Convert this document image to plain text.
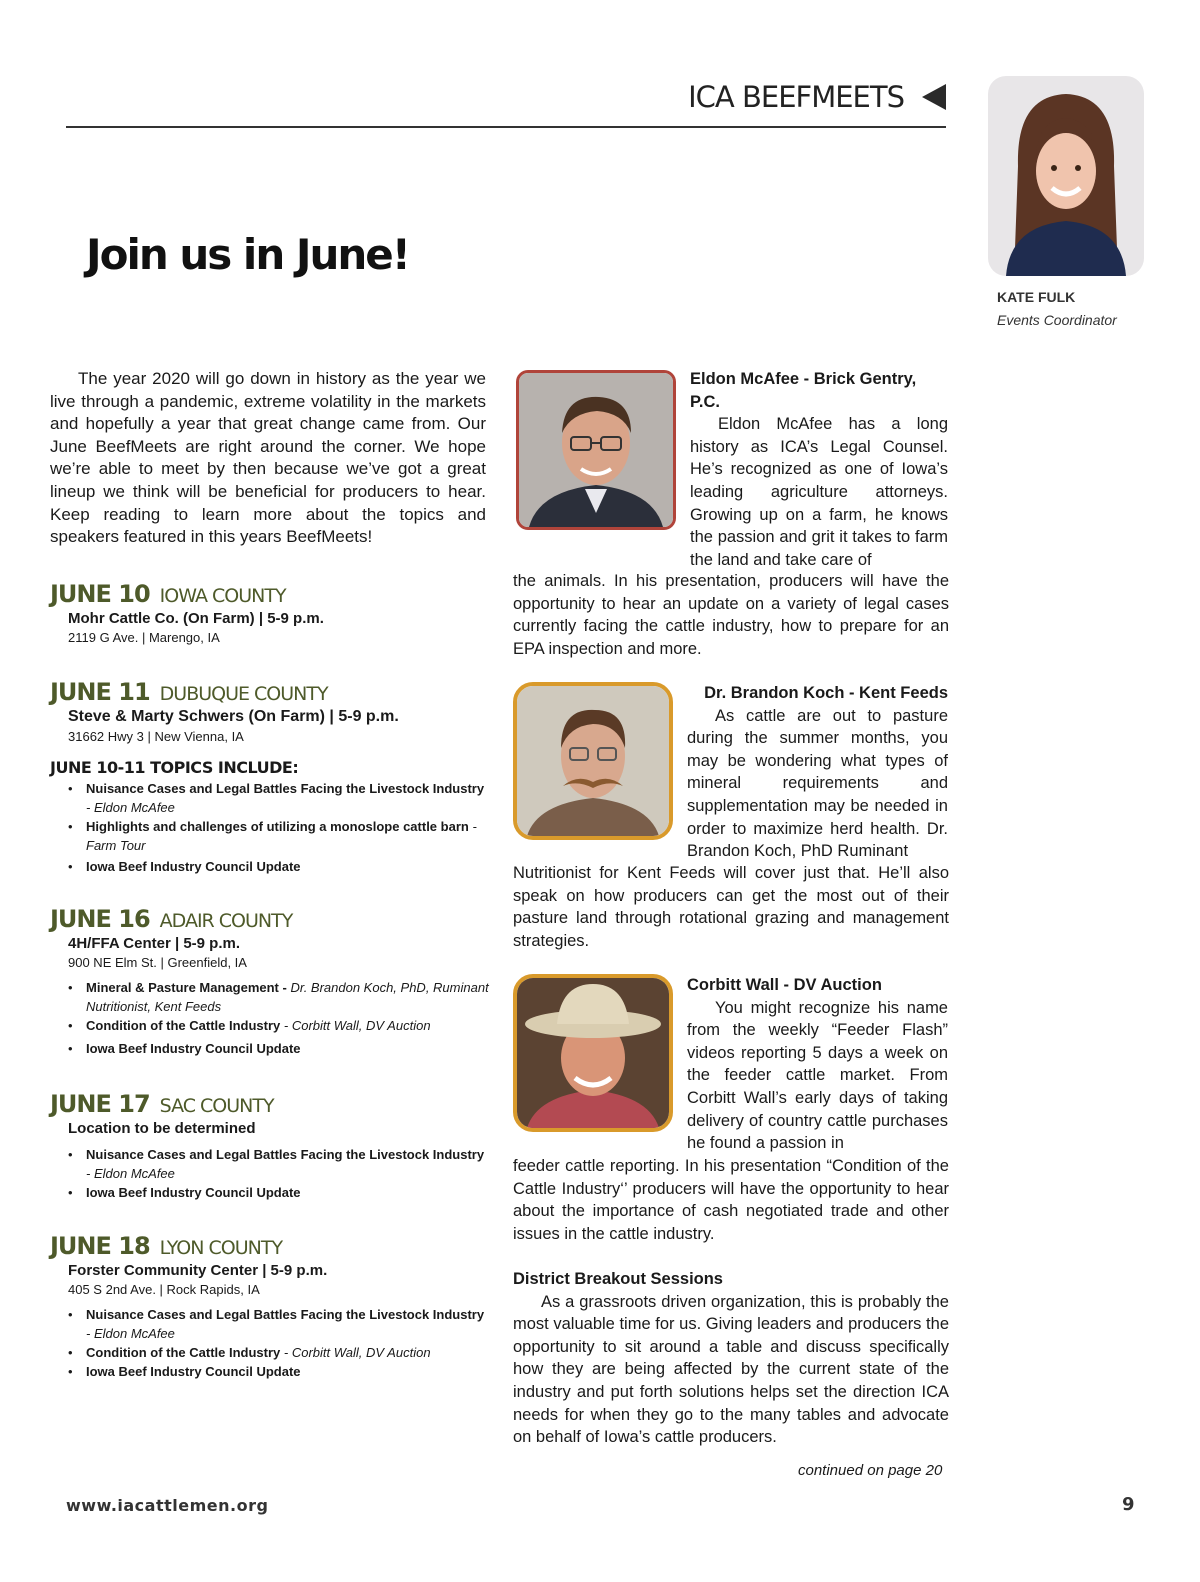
ICA BEEFMEETS
KATE FULK
Events Coordinator
Join us in June!
The year 2020 will go down in history as the year we live through a pandemic, extreme volatility in the markets and hopefully a year that great change came from. Our June BeefMeets are right around the corner. We hope we’re able to meet by then because we’ve got a great lineup we think will be beneficial for producers to hear. Keep reading to learn more about the topics and speakers featured in this years BeefMeets!
JUNE 10 IOWA COUNTY
Mohr Cattle Co. (On Farm) | 5-9 p.m.
2119 G Ave. | Marengo, IA
JUNE 11 DUBUQUE COUNTY
Steve & Marty Schwers (On Farm) | 5-9 p.m.
31662 Hwy 3 | New Vienna, IA
JUNE 10-11 TOPICS INCLUDE:
• Nuisance Cases and Legal Battles Facing the Livestock Industry - Eldon McAfee
• Highlights and challenges of utilizing a monoslope cattle barn - Farm Tour
• Iowa Beef Industry Council Update
JUNE 16 ADAIR COUNTY
4H/FFA Center | 5-9 p.m.
900 NE Elm St. | Greenfield, IA
• Mineral & Pasture Management - Dr. Brandon Koch, PhD, Ruminant Nutritionist, Kent Feeds
• Condition of the Cattle Industry - Corbitt Wall, DV Auction
• Iowa Beef Industry Council Update
JUNE 17 SAC COUNTY
Location to be determined
• Nuisance Cases and Legal Battles Facing the Livestock Industry - Eldon McAfee
• Iowa Beef Industry Council Update
JUNE 18 LYON COUNTY
Forster Community Center | 5-9 p.m.
405 S 2nd Ave. | Rock Rapids, IA
• Nuisance Cases and Legal Battles Facing the Livestock Industry - Eldon McAfee
• Condition of the Cattle Industry - Corbitt Wall, DV Auction
• Iowa Beef Industry Council Update
Eldon McAfee - Brick Gentry, P.C.
Eldon McAfee has a long history as ICA’s Legal Counsel. He’s recognized as one of Iowa’s leading agriculture attorneys. Growing up on a farm, he knows the passion and grit it takes to farm the land and take care of
the animals. In his presentation, producers will have the opportunity to hear an update on a variety of legal cases currently facing the cattle industry, how to prepare for an EPA inspection and more.
Dr. Brandon Koch - Kent Feeds
As cattle are out to pasture during the summer months, you may be wondering what types of mineral requirements and supplementation may be needed in order to maximize herd health. Dr. Brandon Koch, PhD Ruminant
Nutritionist for Kent Feeds will cover just that. He’ll also speak on how producers can get the most out of their pasture land through rotational grazing and management strategies.
Corbitt Wall - DV Auction
You might recognize his name from the weekly “Feeder Flash” videos reporting 5 days a week on the feeder cattle market. From Corbitt Wall’s early days of taking delivery of country cattle purchases he found a passion in
feeder cattle reporting. In his presentation “Condition of the Cattle Industry‘’ producers will have the opportunity to hear about the importance of cash negotiated trade and other issues in the cattle industry.
District Breakout Sessions
As a grassroots driven organization, this is probably the most valuable time for us. Giving leaders and producers the opportunity to sit around a table and discuss specifically how they are being affected by the current state of the industry and put forth solutions helps set the direction ICA needs for when they go to the many tables and advocate on behalf of Iowa’s cattle producers.
continued on page 20
www.iacattlemen.org	9
